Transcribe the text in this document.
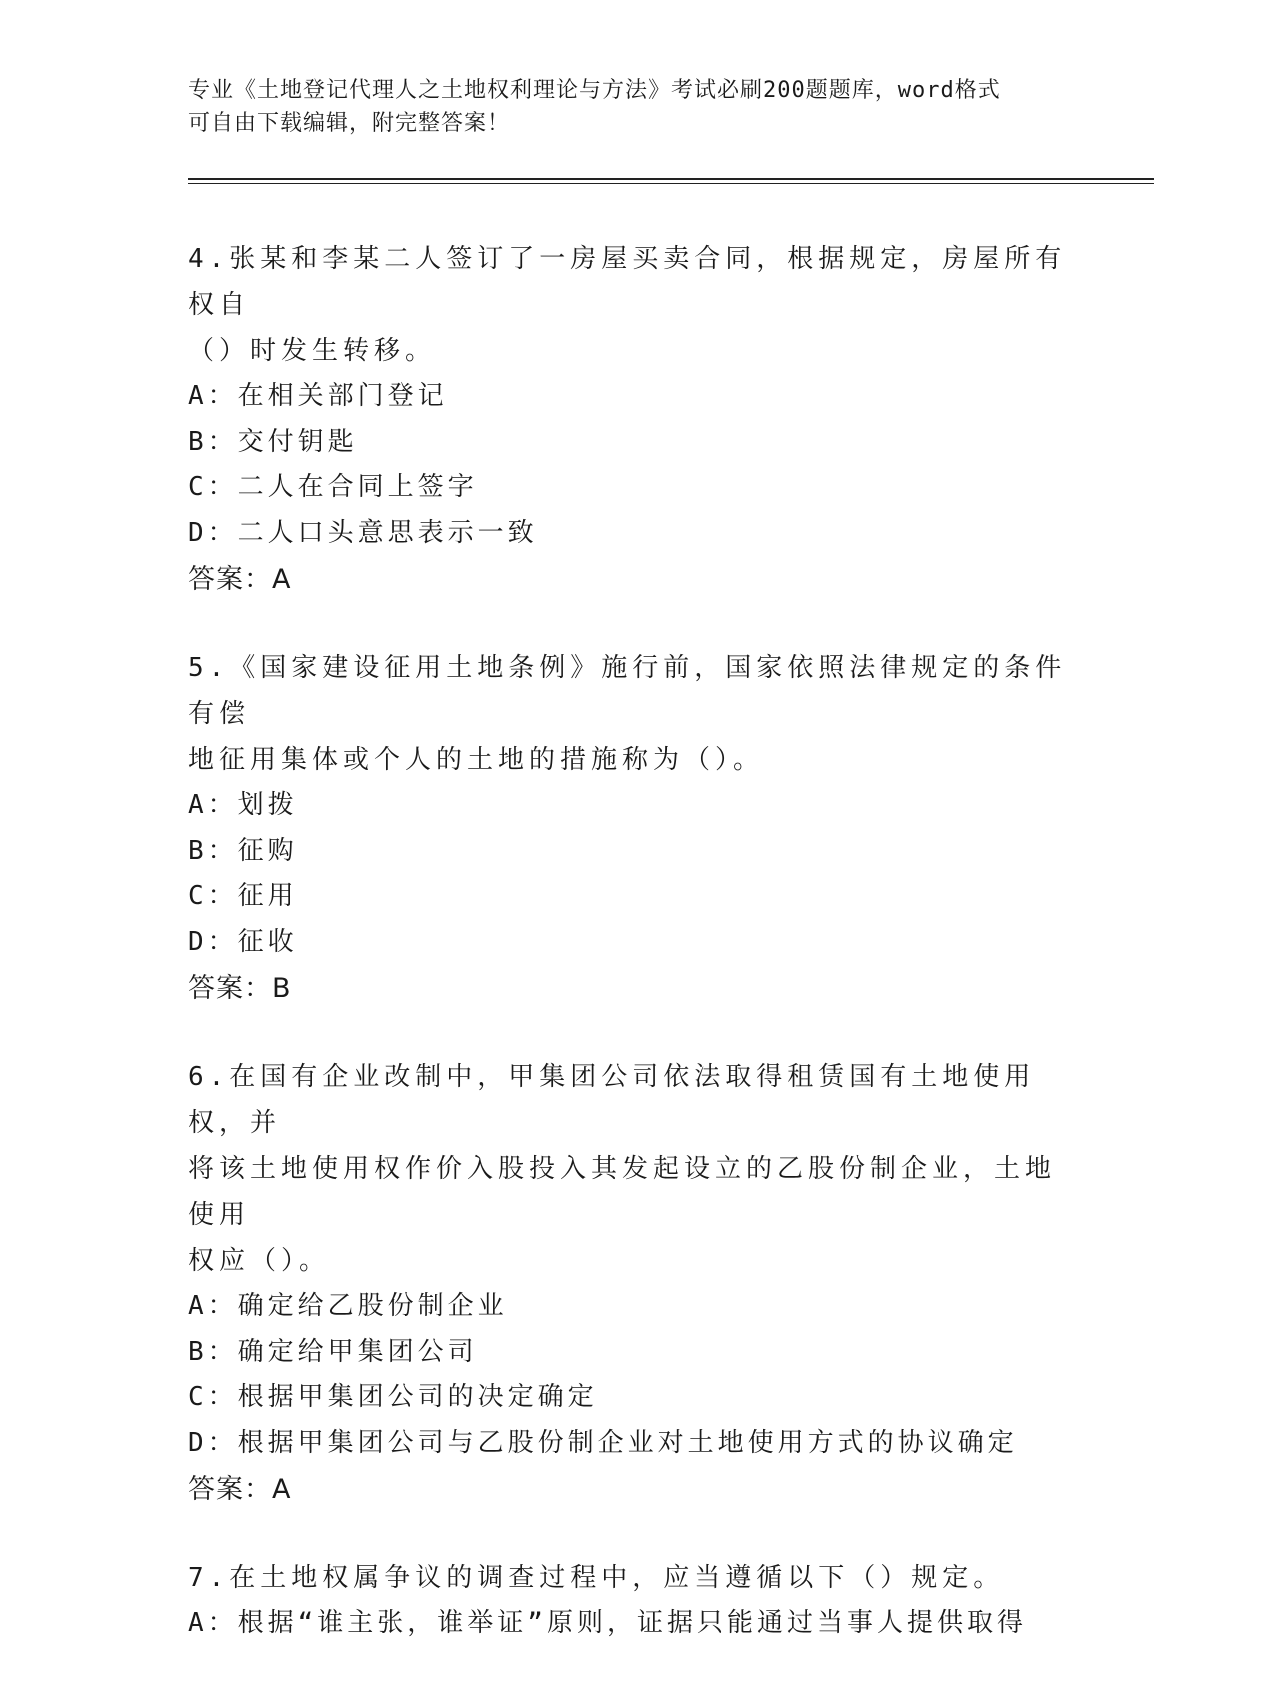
专业《土地登记代理人之土地权利理论与方法》考试必刷200题题库，word格式
可自由下载编辑，附完整答案！

4.张某和李某二人签订了一房屋买卖合同，根据规定，房屋所有权自

（）时发生转移。

A：在相关部门登记

B：交付钥匙

C：二人在合同上签字

D：二人口头意思表示一致

答案：A

5.《国家建设征用土地条例》施行前，国家依照法律规定的条件有偿

地征用集体或个人的土地的措施称为（）。

A：划拨

B：征购

C：征用

D：征收

答案：B

6.在国有企业改制中，甲集团公司依法取得租赁国有土地使用权，并

将该土地使用权作价入股投入其发起设立的乙股份制企业，土地使用

权应（）。

A：确定给乙股份制企业

B：确定给甲集团公司

C：根据甲集团公司的决定确定

D：根据甲集团公司与乙股份制企业对土地使用方式的协议确定

答案：A

7.在土地权属争议的调查过程中，应当遵循以下（）规定。

A：根据“谁主张，谁举证”原则，证据只能通过当事人提供取得
